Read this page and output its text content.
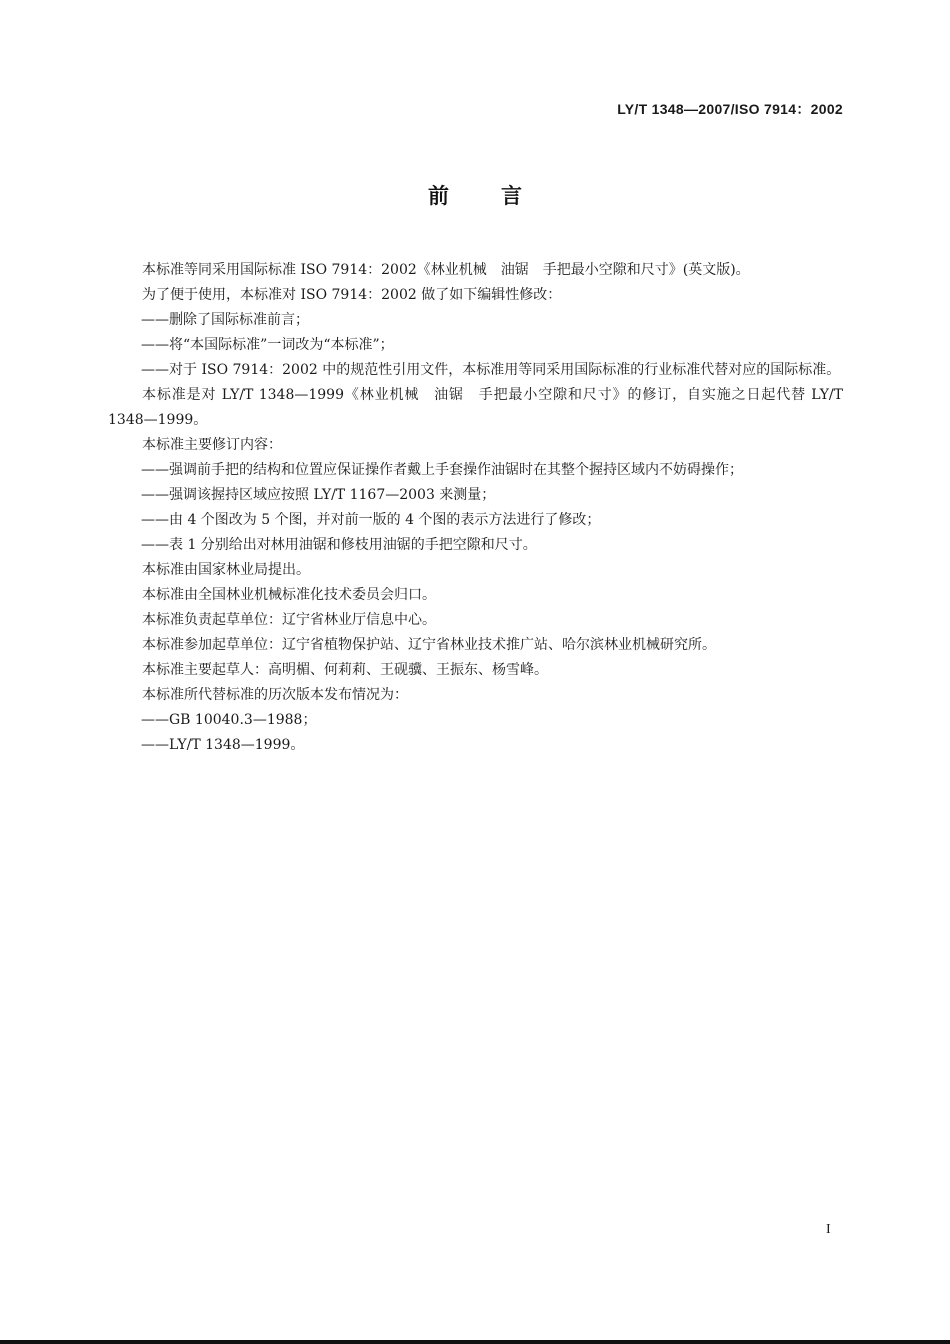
LY/T 1348—2007/ISO 7914：2002
前言

本标准等同采用国际标准 ISO 7914：2002《林业机械　油锯　手把最小空隙和尺寸》(英文版)。

为了便于使用，本标准对 ISO 7914：2002 做了如下编辑性修改：

——删除了国际标准前言；

——将“本国际标准”一词改为“本标准”；

——对于 ISO 7914：2002 中的规范性引用文件，本标准用等同采用国际标准的行业标准代替对应的国际标准。

本标准是对 LY/T 1348—1999《林业机械　油锯　手把最小空隙和尺寸》的修订，自实施之日起代替 LY/T 1348—1999。

本标准主要修订内容：

——强调前手把的结构和位置应保证操作者戴上手套操作油锯时在其整个握持区域内不妨碍操作；

——强调该握持区域应按照 LY/T 1167—2003 来测量；

——由 4 个图改为 5 个图，并对前一版的 4 个图的表示方法进行了修改；

——表 1 分别给出对林用油锯和修枝用油锯的手把空隙和尺寸。

本标准由国家林业局提出。

本标准由全国林业机械标准化技术委员会归口。

本标准负责起草单位：辽宁省林业厅信息中心。

本标准参加起草单位：辽宁省植物保护站、辽宁省林业技术推广站、哈尔滨林业机械研究所。

本标准主要起草人：高明楣、何莉莉、王砚骥、王振东、杨雪峰。

本标准所代替标准的历次版本发布情况为：

——GB 10040.3—1988；

——LY/T 1348—1999。

I
